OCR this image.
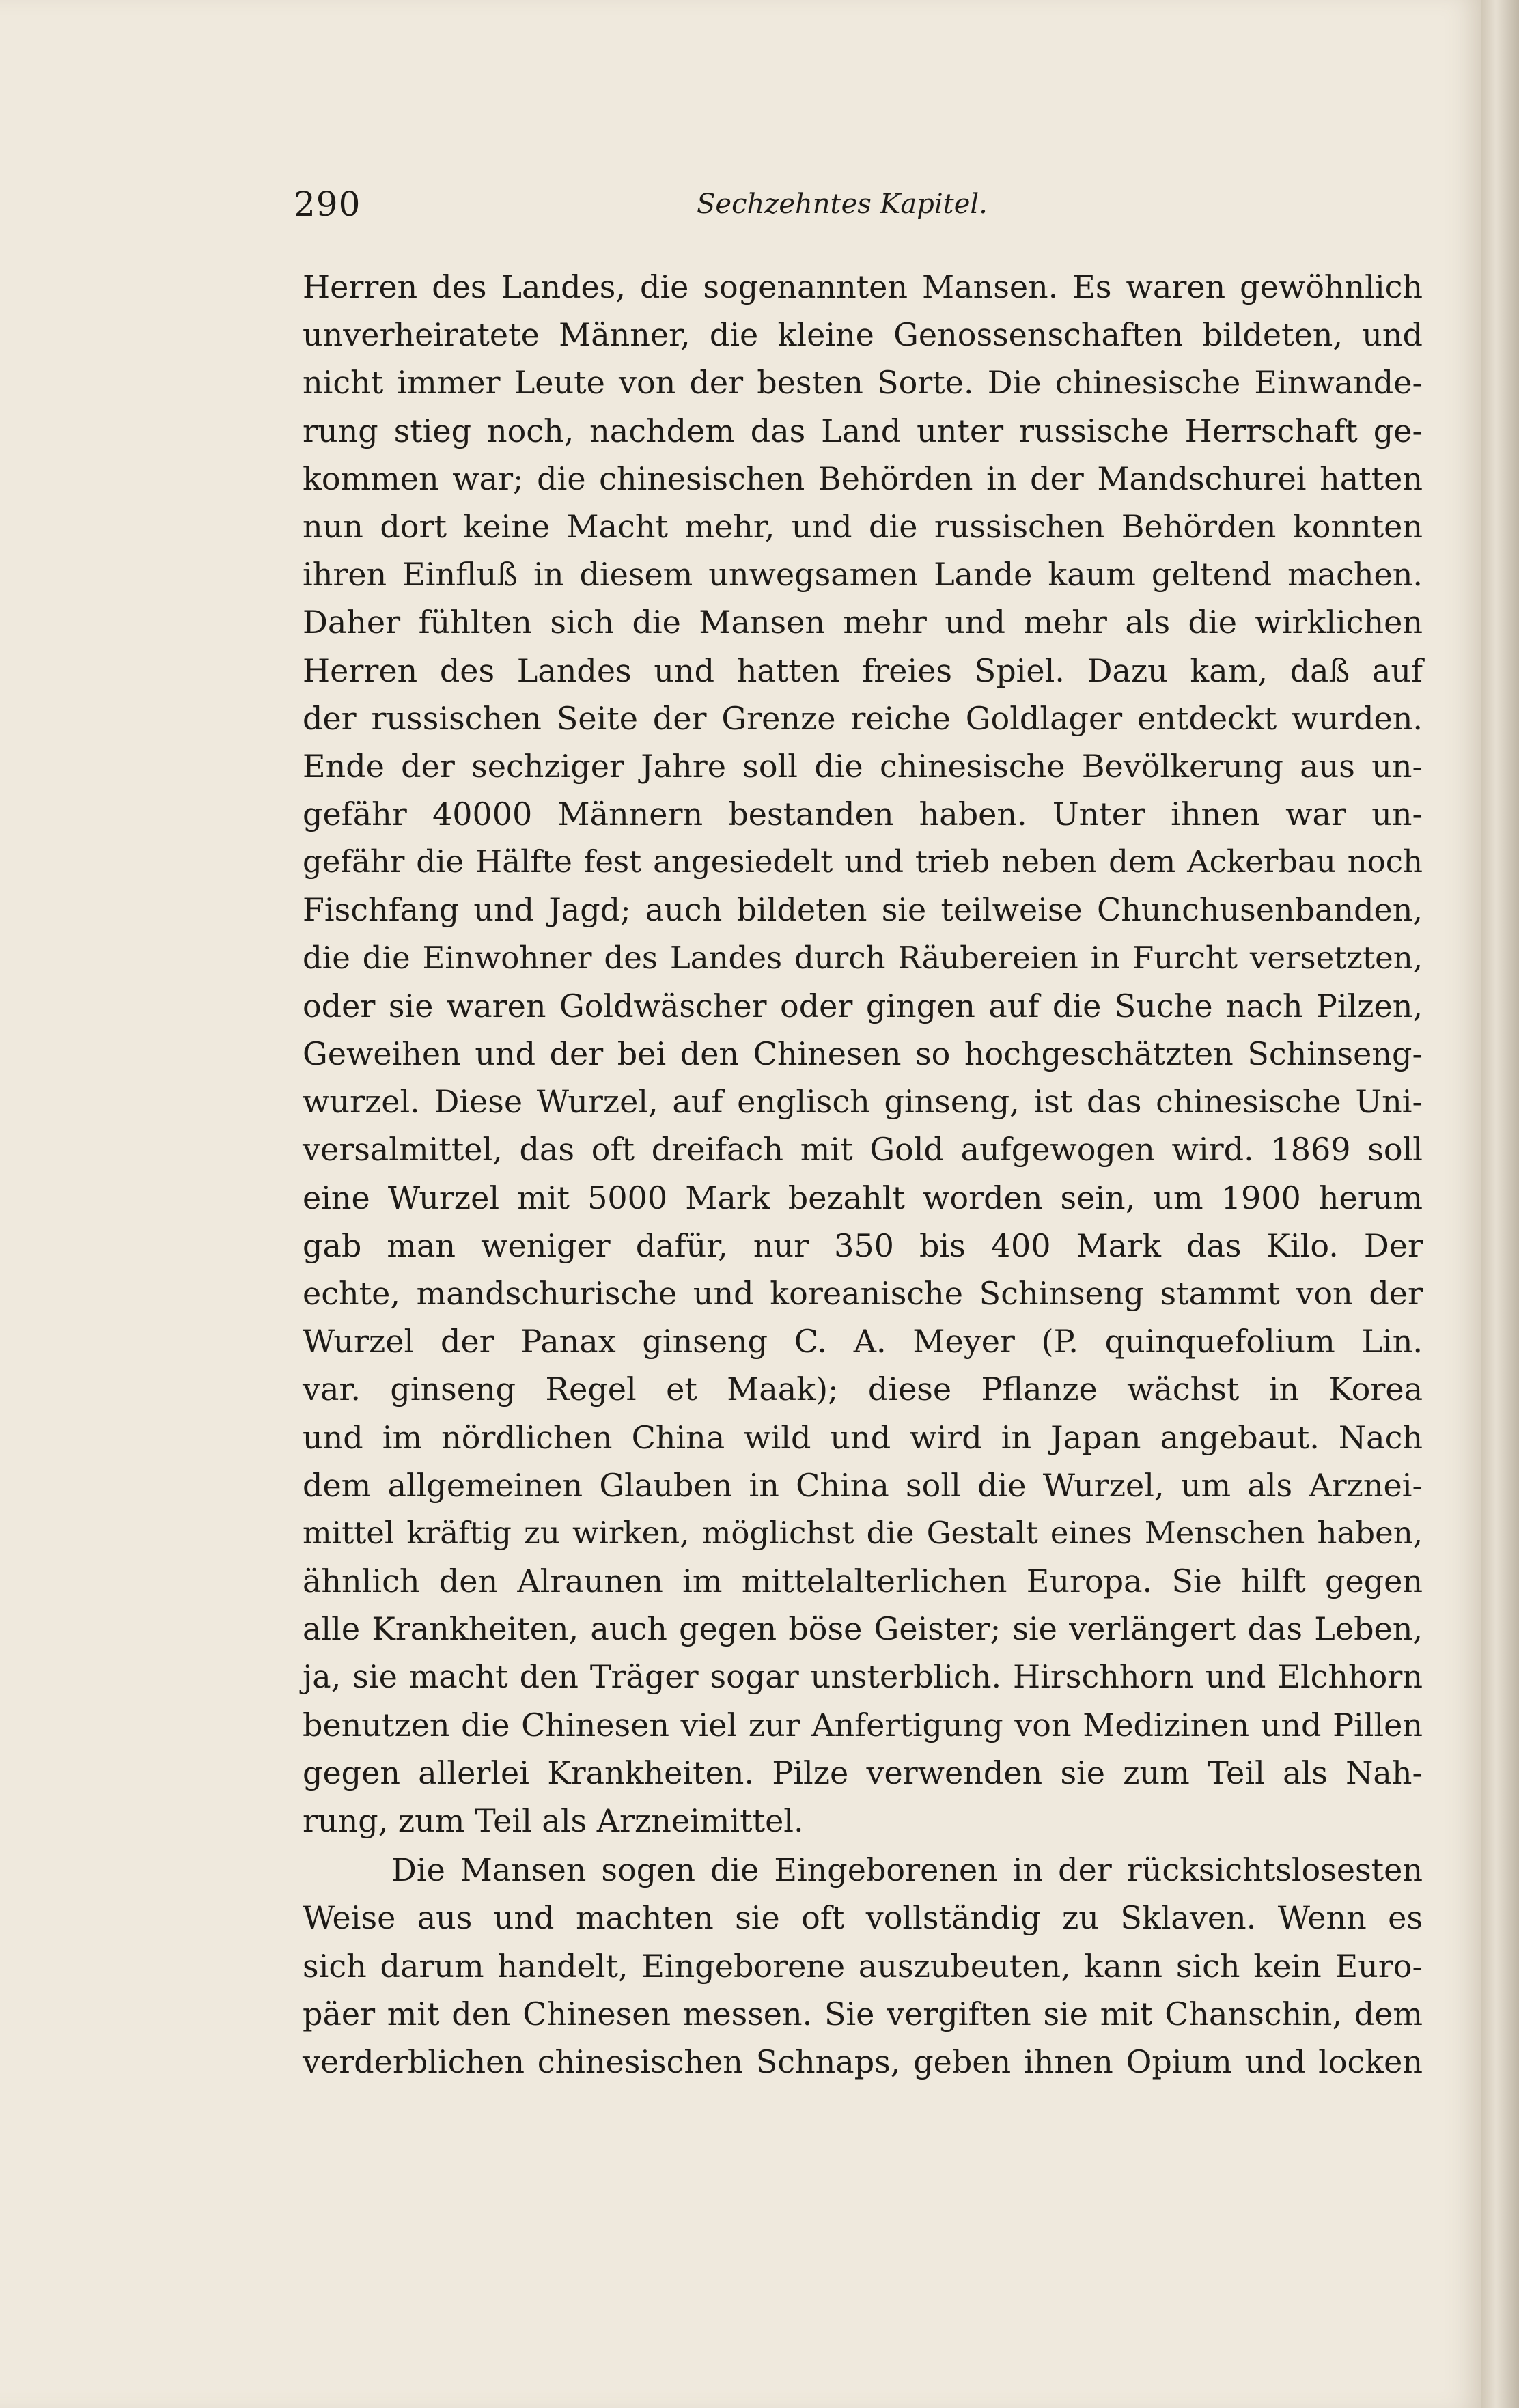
290	Sechzehntes Kapitel.
Herren des Landes, die sogenannten Mansen. Es waren gewöhnlich
unverheiratete Männer, die kleine Genossenschaften bildeten, und
nicht immer Leute von der besten Sorte. Die chinesische Einwande-
rung stieg noch, nachdem das Land unter russische Herrschaft ge-
kommen war; die chinesischen Behörden in der Mandschurei hatten
nun dort keine Macht mehr, und die russischen Behörden konnten
ihren Einfluß in diesem unwegsamen Lande kaum geltend machen.
Daher fühlten sich die Mansen mehr und mehr als die wirklichen
Herren des Landes und hatten freies Spiel. Dazu kam, daß auf
der russischen Seite der Grenze reiche Goldlager entdeckt wurden.
Ende der sechziger Jahre soll die chinesische Bevölkerung aus un-
gefähr 40000 Männern bestanden haben. Unter ihnen war un-
gefähr die Hälfte fest angesiedelt und trieb neben dem Ackerbau noch
Fischfang und Jagd; auch bildeten sie teilweise Chunchusenbanden,
die die Einwohner des Landes durch Räubereien in Furcht versetzten,
oder sie waren Goldwäscher oder gingen auf die Suche nach Pilzen,
Geweihen und der bei den Chinesen so hochgeschätzten Schinseng-
wurzel. Diese Wurzel, auf englisch ginseng, ist das chinesische Uni-
versalmittel, das oft dreifach mit Gold aufgewogen wird. 1869 soll
eine Wurzel mit 5000 Mark bezahlt worden sein, um 1900 herum
gab man weniger dafür, nur 350 bis 400 Mark das Kilo. Der
echte, mandschurische und koreanische Schinseng stammt von der
Wurzel der Panax ginseng C. A. Meyer (P. quinquefolium Lin.
var. ginseng Regel et Maak); diese Pflanze wächst in Korea
und im nördlichen China wild und wird in Japan angebaut. Nach
dem allgemeinen Glauben in China soll die Wurzel, um als Arznei-
mittel kräftig zu wirken, möglichst die Gestalt eines Menschen haben,
ähnlich den Alraunen im mittelalterlichen Europa. Sie hilft gegen
alle Krankheiten, auch gegen böse Geister; sie verlängert das Leben,
ja, sie macht den Träger sogar unsterblich. Hirschhorn und Elchhorn
benutzen die Chinesen viel zur Anfertigung von Medizinen und Pillen
gegen allerlei Krankheiten. Pilze verwenden sie zum Teil als Nah-
rung, zum Teil als Arzneimittel.
Die Mansen sogen die Eingeborenen in der rücksichtslosesten
Weise aus und machten sie oft vollständig zu Sklaven. Wenn es
sich darum handelt, Eingeborene auszubeuten, kann sich kein Euro-
päer mit den Chinesen messen. Sie vergiften sie mit Chanschin, dem
verderblichen chinesischen Schnaps, geben ihnen Opium und locken
